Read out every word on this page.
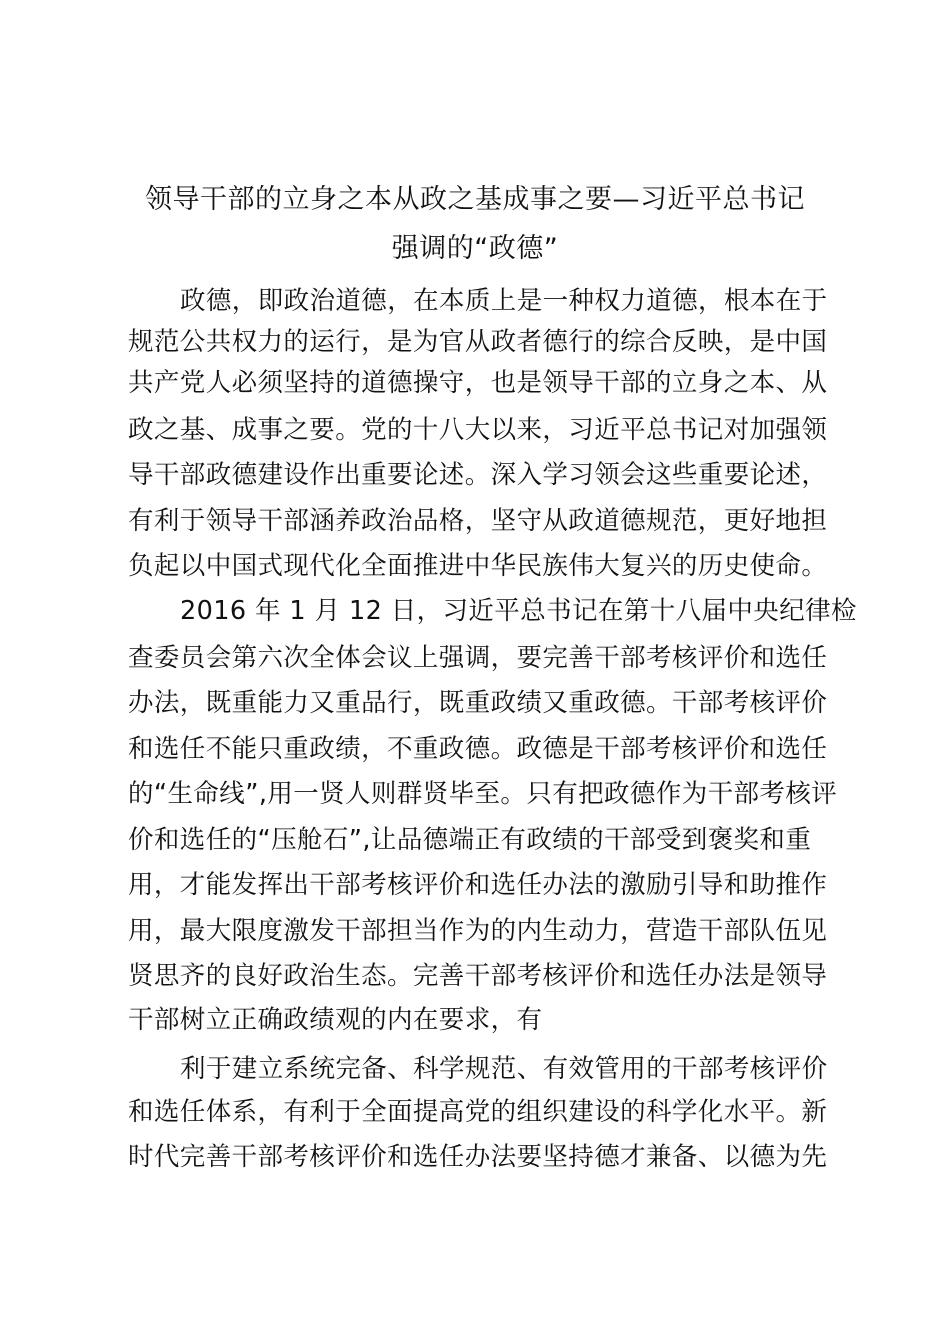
领导干部的立身之本从政之基成事之要—习近平总书记
强调的“政德”
政德，即政治道德，在本质上是一种权力道德，根本在于
规范公共权力的运行，是为官从政者德行的综合反映，是中国
共产党人必须坚持的道德操守，也是领导干部的立身之本、从
政之基、成事之要。党的十八大以来，习近平总书记对加强领
导干部政德建设作出重要论述。深入学习领会这些重要论述，
有利于领导干部涵养政治品格，坚守从政道德规范，更好地担
负起以中国式现代化全面推进中华民族伟大复兴的历史使命。
2016 年 1 月 12 日，习近平总书记在第十八届中央纪律检
查委员会第六次全体会议上强调，要完善干部考核评价和选任
办法，既重能力又重品行，既重政绩又重政德。干部考核评价
和选任不能只重政绩，不重政德。政德是干部考核评价和选任
的“生命线”,用一贤人则群贤毕至。只有把政德作为干部考核评
价和选任的“压舱石”,让品德端正有政绩的干部受到褒奖和重
用，才能发挥出干部考核评价和选任办法的激励引导和助推作
用，最大限度激发干部担当作为的内生动力，营造干部队伍见
贤思齐的良好政治生态。完善干部考核评价和选任办法是领导
干部树立正确政绩观的内在要求，有
利于建立系统完备、科学规范、有效管用的干部考核评价
和选任体系，有利于全面提高党的组织建设的科学化水平。新
时代完善干部考核评价和选任办法要坚持德才兼备、以德为先
